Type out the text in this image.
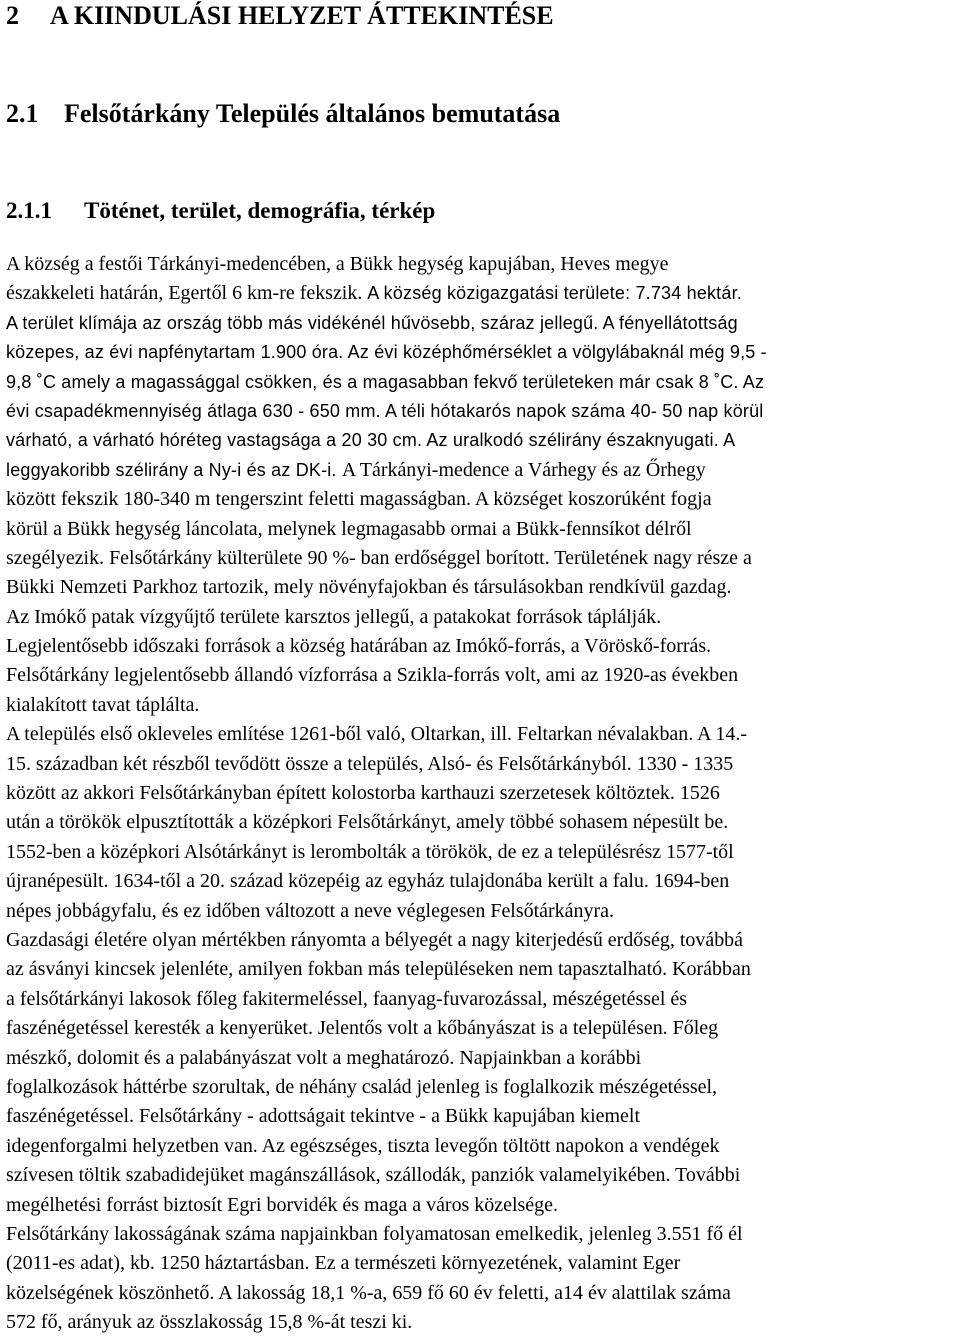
2 A KIINDULÁSI HELYZET ÁTTEKINTÉSE
2.1 Felsőtárkány Település általános bemutatása
2.1.1 Töténet, terület, demográfia, térkép
A község a festői Tárkányi-medencében, a Bükk hegység kapujában, Heves megye
északkeleti határán, Egertől 6 km-re fekszik. A község közigazgatási területe: 7.734 hektár.
A terület klímája az ország több más vidékénél hűvösebb, száraz jellegű. A fényellátottság
közepes, az évi napfénytartam 1.900 óra. Az évi középhőmérséklet a völgylábaknál még 9,5 -
9,8 ˚C amely a magassággal csökken, és a magasabban fekvő területeken már csak 8 ˚C. Az
évi csapadékmennyiség átlaga 630 - 650 mm. A téli hótakarós napok száma 40- 50 nap körül
várható, a várható hóréteg vastagsága a 20 30 cm. Az uralkodó szélirány északnyugati. A
leggyakoribb szélirány a Ny-i és az DK-i. A Tárkányi-medence a Várhegy és az Őrhegy
között fekszik 180-340 m tengerszint feletti magasságban. A községet koszorúként fogja
körül a Bükk hegység láncolata, melynek legmagasabb ormai a Bükk-fennsíkot délről
szegélyezik. Felsőtárkány külterülete 90 %- ban erdőséggel borított. Területének nagy része a
Bükki Nemzeti Parkhoz tartozik, mely növényfajokban és társulásokban rendkívül gazdag.
Az Imókő patak vízgyűjtő területe karsztos jellegű, a patakokat források táplálják.
Legjelentősebb időszaki források a község határában az Imókő-forrás, a Vöröskő-forrás.
Felsőtárkány legjelentősebb állandó vízforrása a Szikla-forrás volt, ami az 1920-as években
kialakított tavat táplálta.
A település első okleveles említése 1261-ből való, Oltarkan, ill. Feltarkan névalakban. A 14.-
15. században két részből tevődött össze a település, Alsó- és Felsőtárkányból. 1330 - 1335
között az akkori Felsőtárkányban épített kolostorba karthauzi szerzetesek költöztek. 1526
után a törökök elpusztították a középkori Felsőtárkányt, amely többé sohasem népesült be.
1552-ben a középkori Alsótárkányt is lerombolták a törökök, de ez a településrész 1577-től
újranépesült. 1634-től a 20. század közepéig az egyház tulajdonába került a falu. 1694-ben
népes jobbágyfalu, és ez időben változott a neve véglegesen Felsőtárkányra.
Gazdasági életére olyan mértékben rányomta a bélyegét a nagy kiterjedésű erdőség, továbbá
az ásványi kincsek jelenléte, amilyen fokban más településeken nem tapasztalható. Korábban
a felsőtárkányi lakosok főleg fakitermeléssel, faanyag-fuvarozással, mészégetéssel és
faszénégetéssel keresték a kenyerüket. Jelentős volt a kőbányászat is a településen. Főleg
mészkő, dolomit és a palabányászat volt a meghatározó. Napjainkban a korábbi
foglalkozások háttérbe szorultak, de néhány család jelenleg is foglalkozik mészégetéssel,
faszénégetéssel. Felsőtárkány - adottságait tekintve - a Bükk kapujában kiemelt
idegenforgalmi helyzetben van. Az egészséges, tiszta levegőn töltött napokon a vendégek
szívesen töltik szabadidejüket magánszállások, szállodák, panziók valamelyikében. További
megélhetési forrást biztosít Egri borvidék és maga a város közelsége.
Felsőtárkány lakosságának száma napjainkban folyamatosan emelkedik, jelenleg 3.551 fő él
(2011-es adat), kb. 1250 háztartásban. Ez a természeti környezetének, valamint Eger
közelségének köszönhető. A lakosság 18,1 %-a, 659 fő 60 év feletti, a14 év alattilak száma
572 fő, arányuk az összlakosság 15,8 %-át teszi ki.
